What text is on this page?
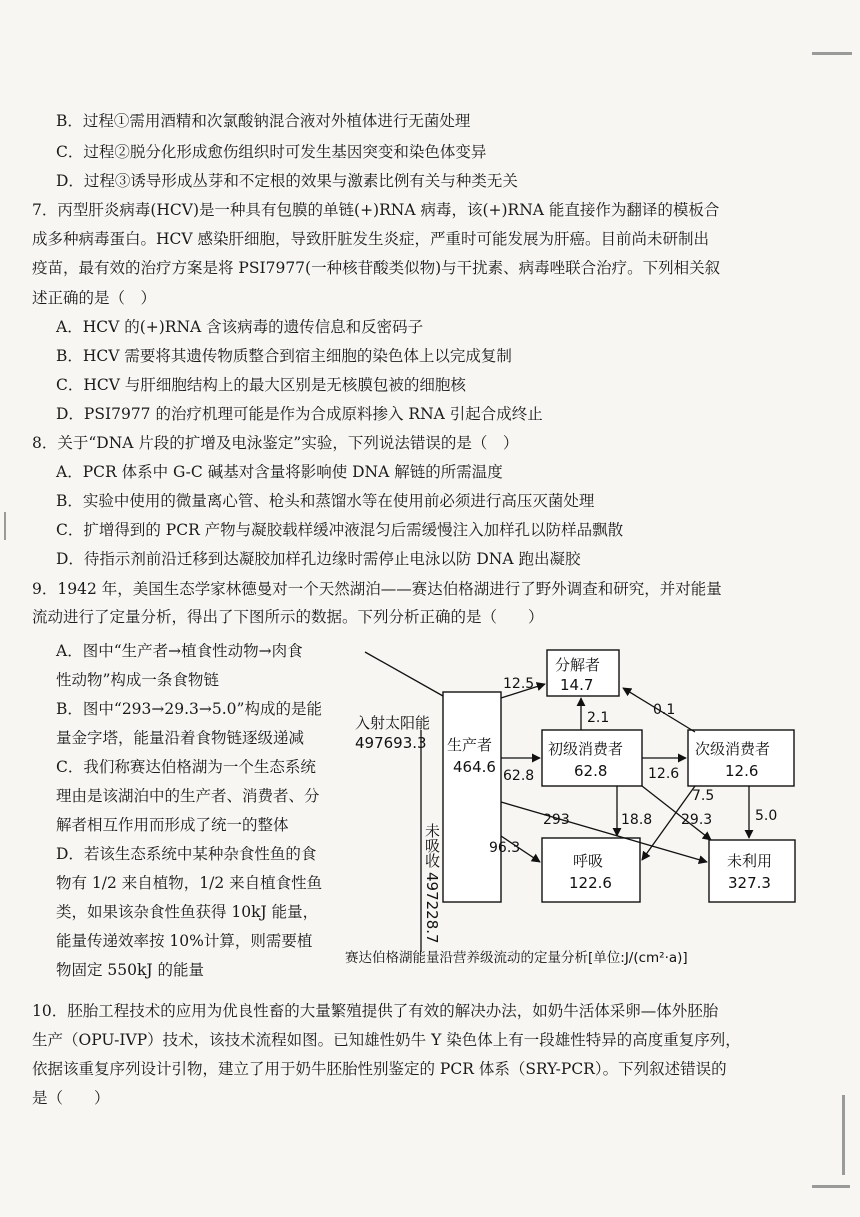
B．过程①需用酒精和次氯酸钠混合液对外植体进行无菌处理
C．过程②脱分化形成愈伤组织时可发生基因突变和染色体变异
D．过程③诱导形成丛芽和不定根的效果与激素比例有关与种类无关
7．丙型肝炎病毒(HCV)是一种具有包膜的单链(+)RNA 病毒，该(+)RNA 能直接作为翻译的模板合
成多种病毒蛋白。HCV 感染肝细胞，导致肝脏发生炎症，严重时可能发展为肝癌。目前尚未研制出
疫苗，最有效的治疗方案是将 PSI7977(一种核苷酸类似物)与干扰素、病毒唑联合治疗。下列相关叙
述正确的是（　）
A．HCV 的(+)RNA 含该病毒的遗传信息和反密码子
B．HCV 需要将其遗传物质整合到宿主细胞的染色体上以完成复制
C．HCV 与肝细胞结构上的最大区别是无核膜包被的细胞核
D．PSI7977 的治疗机理可能是作为合成原料掺入 RNA 引起合成终止
8．关于“DNA 片段的扩增及电泳鉴定”实验，下列说法错误的是（　）
A．PCR 体系中 G-C 碱基对含量将影响使 DNA 解链的所需温度
B．实验中使用的微量离心管、枪头和蒸馏水等在使用前必须进行高压灭菌处理
C．扩增得到的 PCR 产物与凝胶载样缓冲液混匀后需缓慢注入加样孔以防样品飘散
D．待指示剂前沿迁移到达凝胶加样孔边缘时需停止电泳以防 DNA 跑出凝胶
9．1942 年，美国生态学家林德曼对一个天然湖泊——赛达伯格湖进行了野外调查和研究，并对能量
流动进行了定量分析，得出了下图所示的数据。下列分析正确的是（　　）
A．图中“生产者→植食性动物→肉食
性动物”构成一条食物链
B．图中“293→29.3→5.0”构成的是能
量金字塔，能量沿着食物链逐级递减
C．我们称赛达伯格湖为一个生态系统
理由是该湖泊中的生产者、消费者、分
解者相互作用而形成了统一的整体
D．若该生态系统中某种杂食性鱼的食
物有 1/2 来自植物，1/2 来自植食性鱼
类，如果该杂食性鱼获得 10kJ 能量，
能量传递效率按 10%计算，则需要植
物固定 550kJ 的能量
入射太阳能
497693.3
未吸收
497228.7
生产者
464.6
分解者
14.7
初级消费者
62.8
次级消费者
12.6
呼吸
122.6
未利用
327.3
12.5
2.1	0.1
62.8	12.6
293	18.8
96.3
7.5
29.3	5.0
赛达伯格湖能量沿营养级流动的定量分析[单位:J/(cm²·a)]
10．胚胎工程技术的应用为优良性畜的大量繁殖提供了有效的解决办法，如奶牛活体采卵—体外胚胎
生产（OPU-IVP）技术，该技术流程如图。已知雄性奶牛 Y 染色体上有一段雄性特异的高度重复序列，
依据该重复序列设计引物，建立了用于奶牛胚胎性别鉴定的 PCR 体系（SRY-PCR）。下列叙述错误的
是（　　）
